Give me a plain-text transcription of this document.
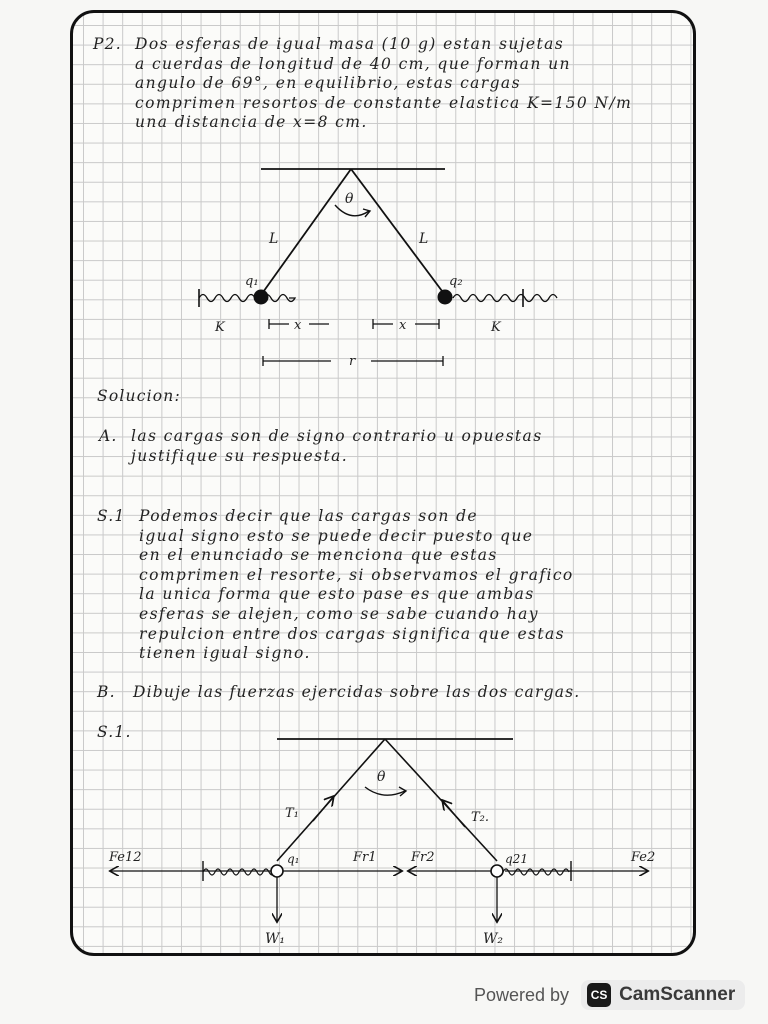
P2. Dos esferas de igual masa (10 g) estan sujetas

a cuerdas de longitud de 40 cm, que forman un

angulo de 69°, en equilibrio, estas cargas

comprimen resortos de constante elastica K=150 N/m

una distancia de x=8 cm.

θ
L	L
q₁	q₂
K	K
x	x
r
Solucion:
A. las cargas son de signo contrario u opuestas

justifique su respuesta.

S.1 Podemos decir que las cargas son de

igual signo esto se puede decir puesto que

en el enunciado se menciona que estas

comprimen el resorte, si observamos el grafico

la unica forma que esto pase es que ambas

esferas se alejen, como se sabe cuando hay

repulcion entre dos cargas significa que estas

tienen igual signo.

B. Dibuje las fuerzas ejercidas sobre las dos cargas.
S.1.
T₁	T₂.
θ
Fe12	Fr1	Fr2	Fe2
q₁	q21
W₁	W₂
Powered by	CS CamScanner
